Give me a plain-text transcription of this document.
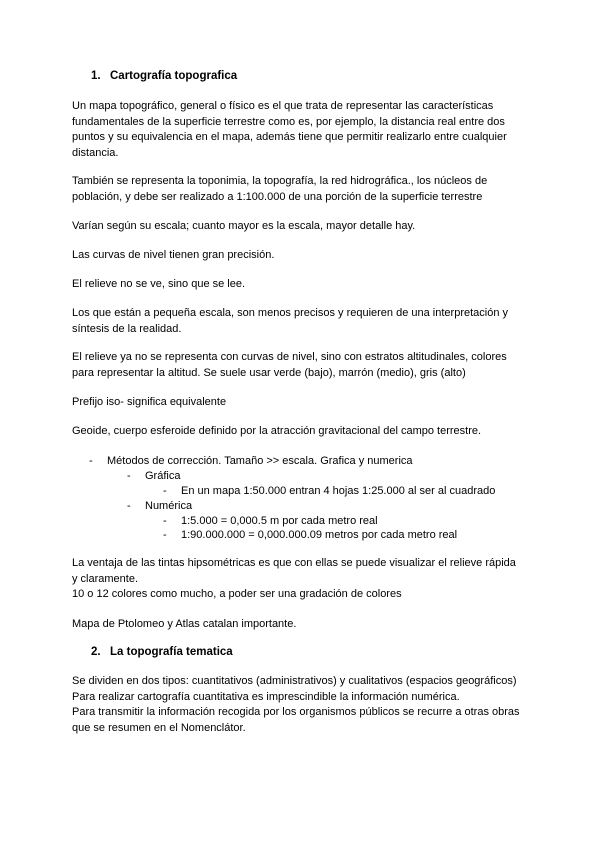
1. Cartografía topografica

Un mapa topográfico, general o físico es el que trata de representar las características
fundamentales de la superficie terrestre como es, por ejemplo, la distancia real entre dos
puntos y su equivalencia en el mapa, además tiene que permitir realizarlo entre cualquier
distancia.

También se representa la toponimia, la topografía, la red hidrográfica., los núcleos de
población, y debe ser realizado a 1:100.000 de una porción de la superficie terrestre

Varían según su escala; cuanto mayor es la escala, mayor detalle hay.

Las curvas de nivel tienen gran precisión.

El relieve no se ve, sino que se lee.

Los que están a pequeña escala, son menos precisos y requieren de una interpretación y
síntesis de la realidad.

El relieve ya no se representa con curvas de nivel, sino con estratos altitudinales, colores
para representar la altitud. Se suele usar verde (bajo), marrón (medio), gris (alto)

Prefijo iso- significa equivalente

Geoide, cuerpo esferoide definido por la atracción gravitacional del campo terrestre.

- Métodos de corrección. Tamaño >> escala. Grafica y numerica
- Gráfica
- En un mapa 1:50.000 entran 4 hojas 1:25.000 al ser al cuadrado
- Numérica
- 1:5.000 = 0,000.5 m por cada metro real
- 1:90.000.000 = 0,000.000.09 metros por cada metro real

La ventaja de las tintas hipsométricas es que con ellas se puede visualizar el relieve rápida
y claramente.
10 o 12 colores como mucho, a poder ser una gradación de colores

Mapa de Ptolomeo y Atlas catalan importante.

2. La topografía tematica

Se dividen en dos tipos: cuantitativos (administrativos) y cualitativos (espacios geográficos)
Para realizar cartografía cuantitativa es imprescindible la información numérica.
Para transmitir la información recogida por los organismos públicos se recurre a otras obras
que se resumen en el Nomenclátor.
